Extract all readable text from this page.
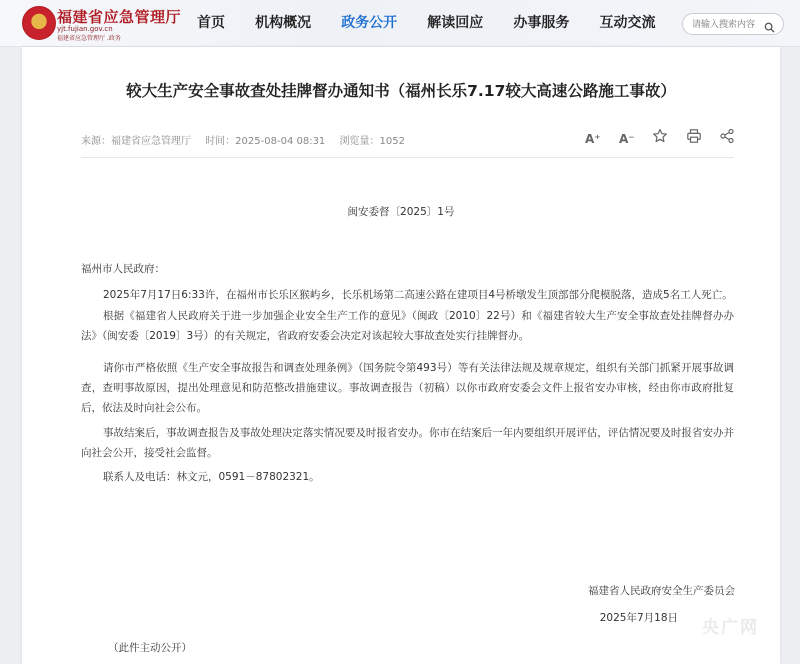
福建省应急管理厅
yjt.fujian.gov.cn
福建省应急管理厅 .政务
首页 机构概况 政务公开 解读回应 办事服务 互动交流
请输入搜索内容
较大生产安全事故查处挂牌督办通知书（福州长乐7.17较大高速公路施工事故）
来源：福建省应急管理厅 时间：2025-08-04 08:31 浏览量：1052	A⁺ A⁻
闽安委督〔2025〕1号
福州市人民政府：
2025年7月17日6:33许，在福州市长乐区猴屿乡，长乐机场第二高速公路在建项目4号桥墩发生顶部部分爬模脱落，造成5名工人死亡。
根据《福建省人民政府关于进一步加强企业安全生产工作的意见》（闽政〔2010〕22号）和《福建省较大生产安全事故查处挂牌督办办法》（闽安委〔2019〕3号）的有关规定，省政府安委会决定对该起较大事故查处实行挂牌督办。
请你市严格依照《生产安全事故报告和调查处理条例》（国务院令第493号）等有关法律法规及规章规定，组织有关部门抓紧开展事故调查，查明事故原因，提出处理意见和防范整改措施建议。事故调查报告（初稿）以你市政府安委会文件上报省安办审核，经由你市政府批复后，依法及时向社会公布。
事故结案后，事故调查报告及事故处理决定落实情况要及时报省安办。你市在结案后一年内要组织开展评估，评估情况要及时报省安办并向社会公开，接受社会监督。
联系人及电话：林文元，0591－87802321。
福建省人民政府安全生产委员会
2025年7月18日
（此件主动公开）
央广网
